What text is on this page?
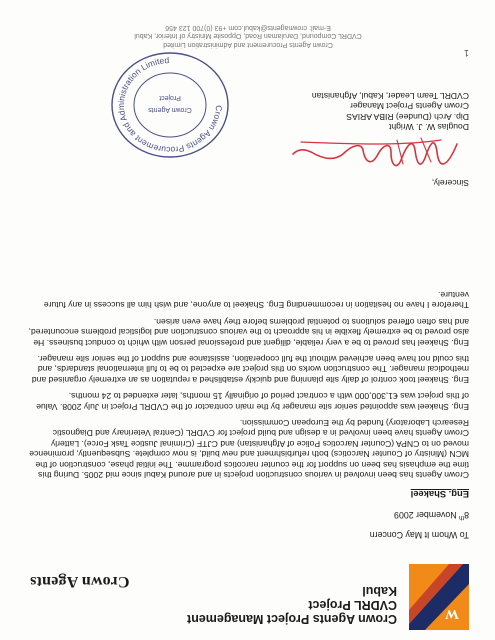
W
Crown Agents Project Management
CVDRL Project
Kabul
Crown Agents
To Whom It May Concern
8th November 2009
Eng. Shakeel

Crown Agents has been involved in various construction projects in and around Kabul since mid 2005. During this time the emphasis has been on support for the counter narcotics programme. The initial phase, construction of the MCN (Ministry of Counter Narcotics) both refurbishment and new build, is now complete. Subsequently, prominence moved on to CNPA (Counter Narcotics Police of Afghanistan) and CJTF (Criminal Justice Task Force). Latterly Crown Agents have been involved in a design and build project for CVDRL (Central Veterinary and Diagnostic Research Laboratory) funded by the European Commission.

Eng. Shakeel was appointed senior site manager by the main contractor of the CVDRL Project in July 2008. Value of this project was €1,300,000 with a contract period of originally 15 months, later extended to 24 months.

Eng. Shakeel took control of daily site planning and quickly established a reputation as an extremely organised and methodical manager. The construction works on this project are expected to be to full international standards, and this could not have been achieved without the full cooperation, assistance and support of the senior site manager.

Eng. Shakeel has proved to be a very reliable, diligent and professional person with which to conduct business. He also proved to be extremely flexible in his approach to the various construction and logistical problems encountered, and has often offered solutions to potential problems before they have even arisen.

Therefore I have no hesitation in recommending Eng. Shakeel to anyone, and wish him all success in any future venture.

Sincerely,
Douglas W. J. Wright
Dip. Arch (Dundee) RIBA ARIAS
Crown Agents Project Manager
CVDRL Team Leader, Kabul, Afghanistan
Crown Agents Procurement and Administration Limited
Crown Agents
Project
1
Crown Agents Procurement and Administration Limited
CVDRL Compound, Darulaman Road, Opposite Ministry of Interior, Kabul
E-mail: crownagents@kabul.com +93 (0)700 123 456
